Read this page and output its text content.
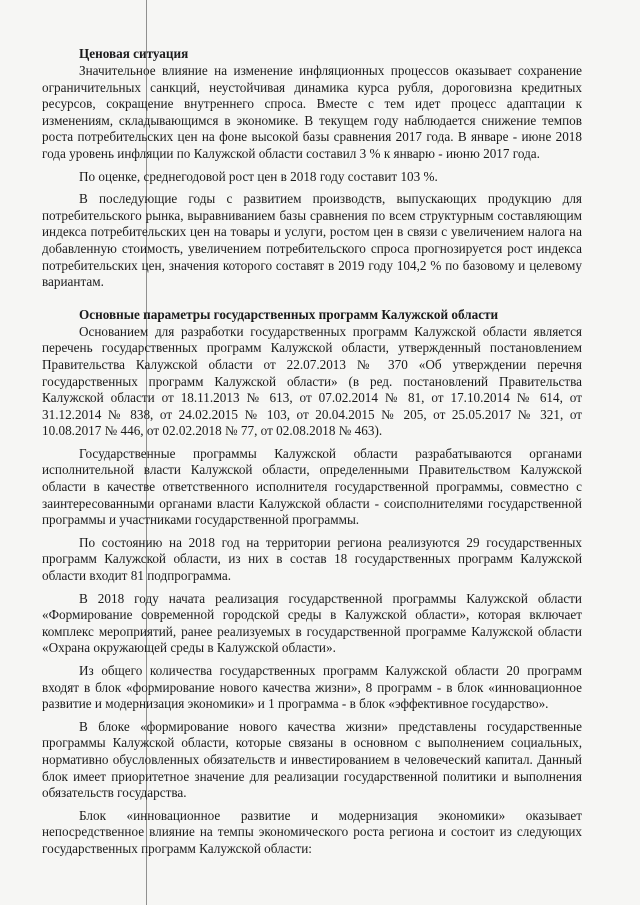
Ценовая ситуация

Значительное влияние на изменение инфляционных процессов оказывает сохранение ограничительных санкций, неустойчивая динамика курса рубля, дороговизна кредитных ресурсов, сокращение внутреннего спроса. Вместе с тем идет процесс адаптации к изменениям, складывающимся в экономике. В текущем году наблюдается снижение темпов роста потребительских цен на фоне высокой базы сравнения 2017 года. В январе - июне 2018 года уровень инфляции по Калужской области составил 3 % к январю - июню 2017 года.

По оценке, среднегодовой рост цен в 2018 году составит 103 %.

В последующие годы с развитием производств, выпускающих продукцию для потребительского рынка, выравниванием базы сравнения по всем структурным составляющим индекса потребительских цен на товары и услуги, ростом цен в связи с увеличением налога на добавленную стоимость, увеличением потребительского спроса прогнозируется рост индекса потребительских цен, значения которого составят в 2019 году 104,2 % по базовому и целевому вариантам.

Основные параметры государственных программ Калужской области

Основанием для разработки государственных программ Калужской области является перечень государственных программ Калужской области, утвержденный постановлением Правительства Калужской области от 22.07.2013 № 370 «Об утверждении перечня государственных программ Калужской области» (в ред. постановлений Правительства Калужской области от 18.11.2013 № 613, от 07.02.2014 № 81, от 17.10.2014 № 614, от 31.12.2014 № 838, от 24.02.2015 № 103, от 20.04.2015 № 205, от 25.05.2017 № 321, от 10.08.2017 № 446, от 02.02.2018 № 77, от 02.08.2018 № 463).

Государственные программы Калужской области разрабатываются органами исполнительной власти Калужской области, определенными Правительством Калужской области в качестве ответственного исполнителя государственной программы, совместно с заинтересованными органами власти Калужской области - соисполнителями государственной программы и участниками государственной программы.

По состоянию на 2018 год на территории региона реализуются 29 государственных программ Калужской области, из них в состав 18 государственных программ Калужской области входит 81 подпрограмма.

В 2018 году начата реализация государственной программы Калужской области «Формирование современной городской среды в Калужской области», которая включает комплекс мероприятий, ранее реализуемых в государственной программе Калужской области «Охрана окружающей среды в Калужской области».

Из общего количества государственных программ Калужской области 20 программ входят в блок «формирование нового качества жизни», 8 программ - в блок «инновационное развитие и модернизация экономики» и 1 программа - в блок «эффективное государство».

В блоке «формирование нового качества жизни» представлены государственные программы Калужской области, которые связаны в основном с выполнением социальных, нормативно обусловленных обязательств и инвестированием в человеческий капитал. Данный блок имеет приоритетное значение для реализации государственной политики и выполнения обязательств государства.

Блок «инновационное развитие и модернизация экономики» оказывает непосредственное влияние на темпы экономического роста региона и состоит из следующих государственных программ Калужской области:
